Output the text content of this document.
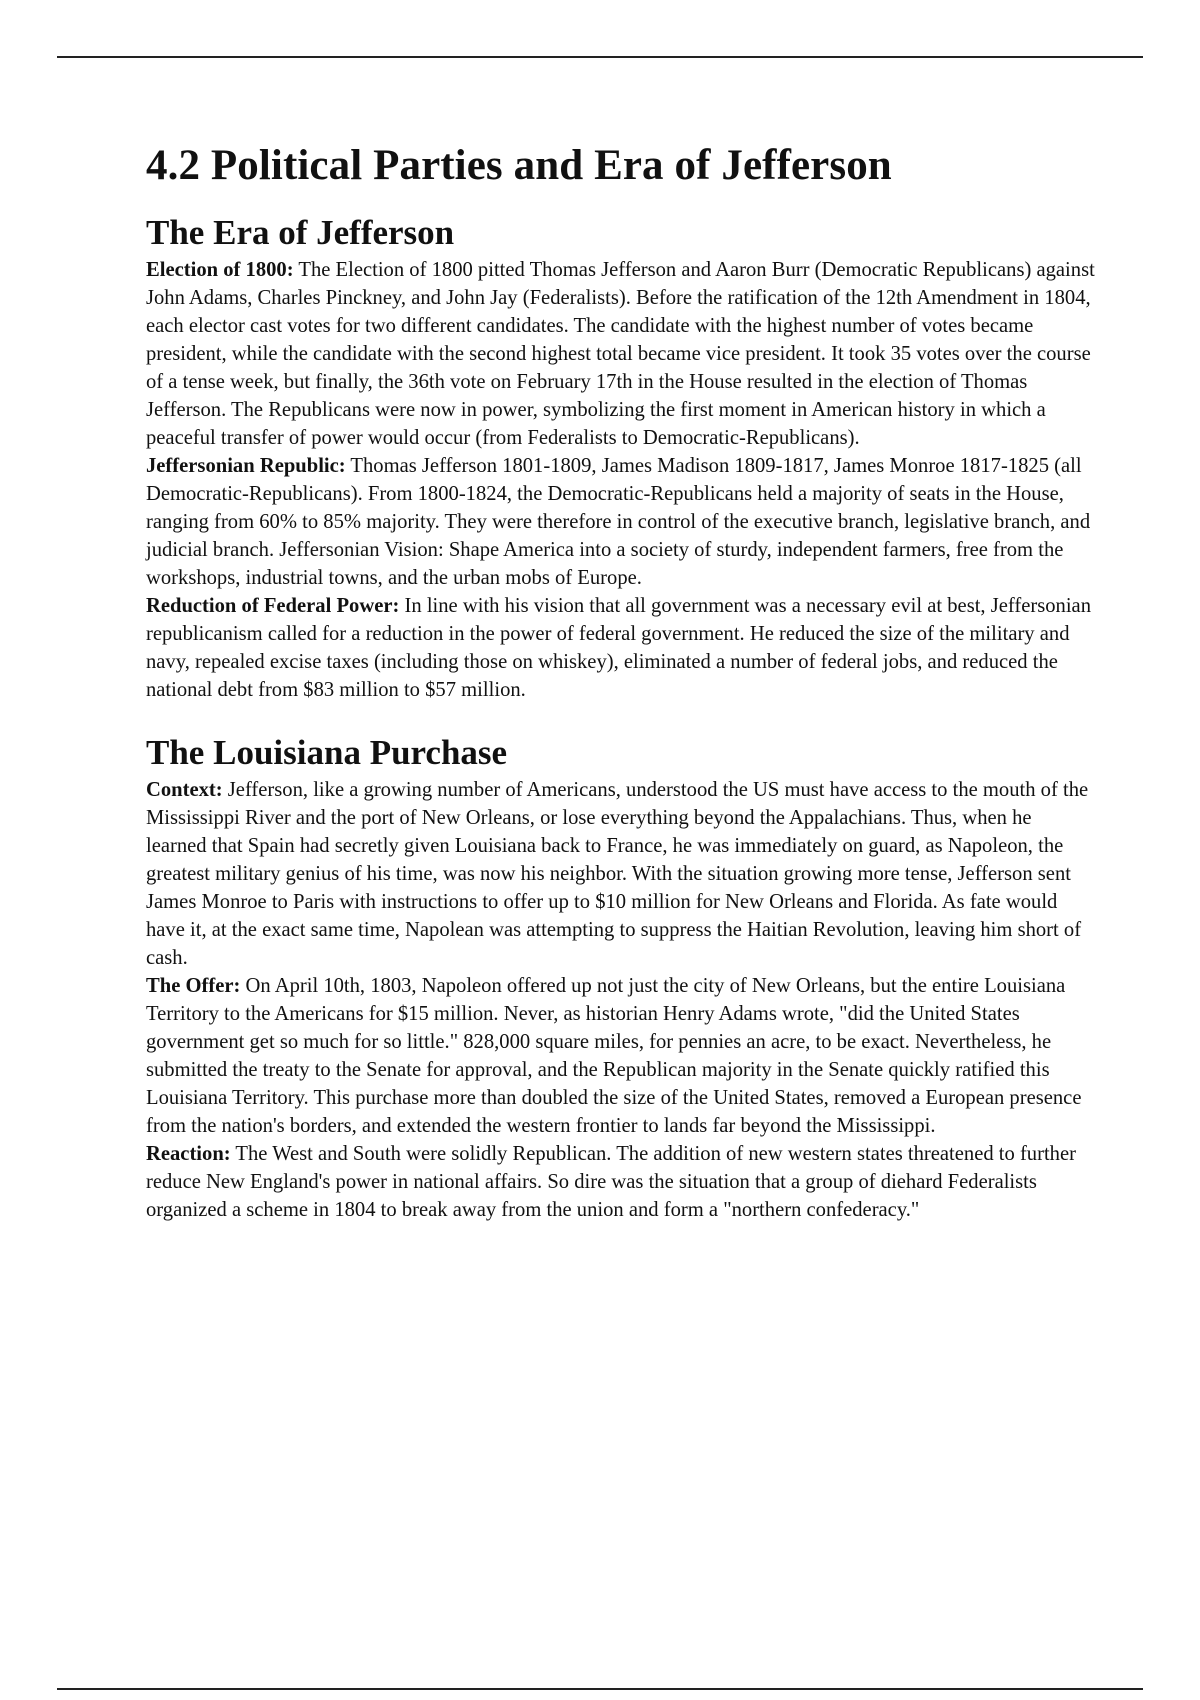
4.2 Political Parties and Era of Jefferson
The Era of Jefferson

Election of 1800: The Election of 1800 pitted Thomas Jefferson and Aaron Burr (Democratic Republicans) against John Adams, Charles Pinckney, and John Jay (Federalists). Before the ratification of the 12th Amendment in 1804, each elector cast votes for two different candidates. The candidate with the highest number of votes became president, while the candidate with the second highest total became vice president. It took 35 votes over the course of a tense week, but finally, the 36th vote on February 17th in the House resulted in the election of Thomas Jefferson. The Republicans were now in power, symbolizing the first moment in American history in which a peaceful transfer of power would occur (from Federalists to Democratic-Republicans).

Jeffersonian Republic: Thomas Jefferson 1801-1809, James Madison 1809-1817, James Monroe 1817-1825 (all Democratic-Republicans). From 1800-1824, the Democratic-Republicans held a majority of seats in the House, ranging from 60% to 85% majority. They were therefore in control of the executive branch, legislative branch, and judicial branch. Jeffersonian Vision: Shape America into a society of sturdy, independent farmers, free from the workshops, industrial towns, and the urban mobs of Europe.

Reduction of Federal Power: In line with his vision that all government was a necessary evil at best, Jeffersonian republicanism called for a reduction in the power of federal government. He reduced the size of the military and navy, repealed excise taxes (including those on whiskey), eliminated a number of federal jobs, and reduced the national debt from $83 million to $57 million.

The Louisiana Purchase

Context: Jefferson, like a growing number of Americans, understood the US must have access to the mouth of the Mississippi River and the port of New Orleans, or lose everything beyond the Appalachians. Thus, when he learned that Spain had secretly given Louisiana back to France, he was immediately on guard, as Napoleon, the greatest military genius of his time, was now his neighbor. With the situation growing more tense, Jefferson sent James Monroe to Paris with instructions to offer up to $10 million for New Orleans and Florida. As fate would have it, at the exact same time, Napolean was attempting to suppress the Haitian Revolution, leaving him short of cash.

The Offer: On April 10th, 1803, Napoleon offered up not just the city of New Orleans, but the entire Louisiana Territory to the Americans for $15 million. Never, as historian Henry Adams wrote, "did the United States government get so much for so little." 828,000 square miles, for pennies an acre, to be exact. Nevertheless, he submitted the treaty to the Senate for approval, and the Republican majority in the Senate quickly ratified this Louisiana Territory. This purchase more than doubled the size of the United States, removed a European presence from the nation's borders, and extended the western frontier to lands far beyond the Mississippi.

Reaction: The West and South were solidly Republican. The addition of new western states threatened to further reduce New England's power in national affairs. So dire was the situation that a group of diehard Federalists organized a scheme in 1804 to break away from the union and form a "northern confederacy."
